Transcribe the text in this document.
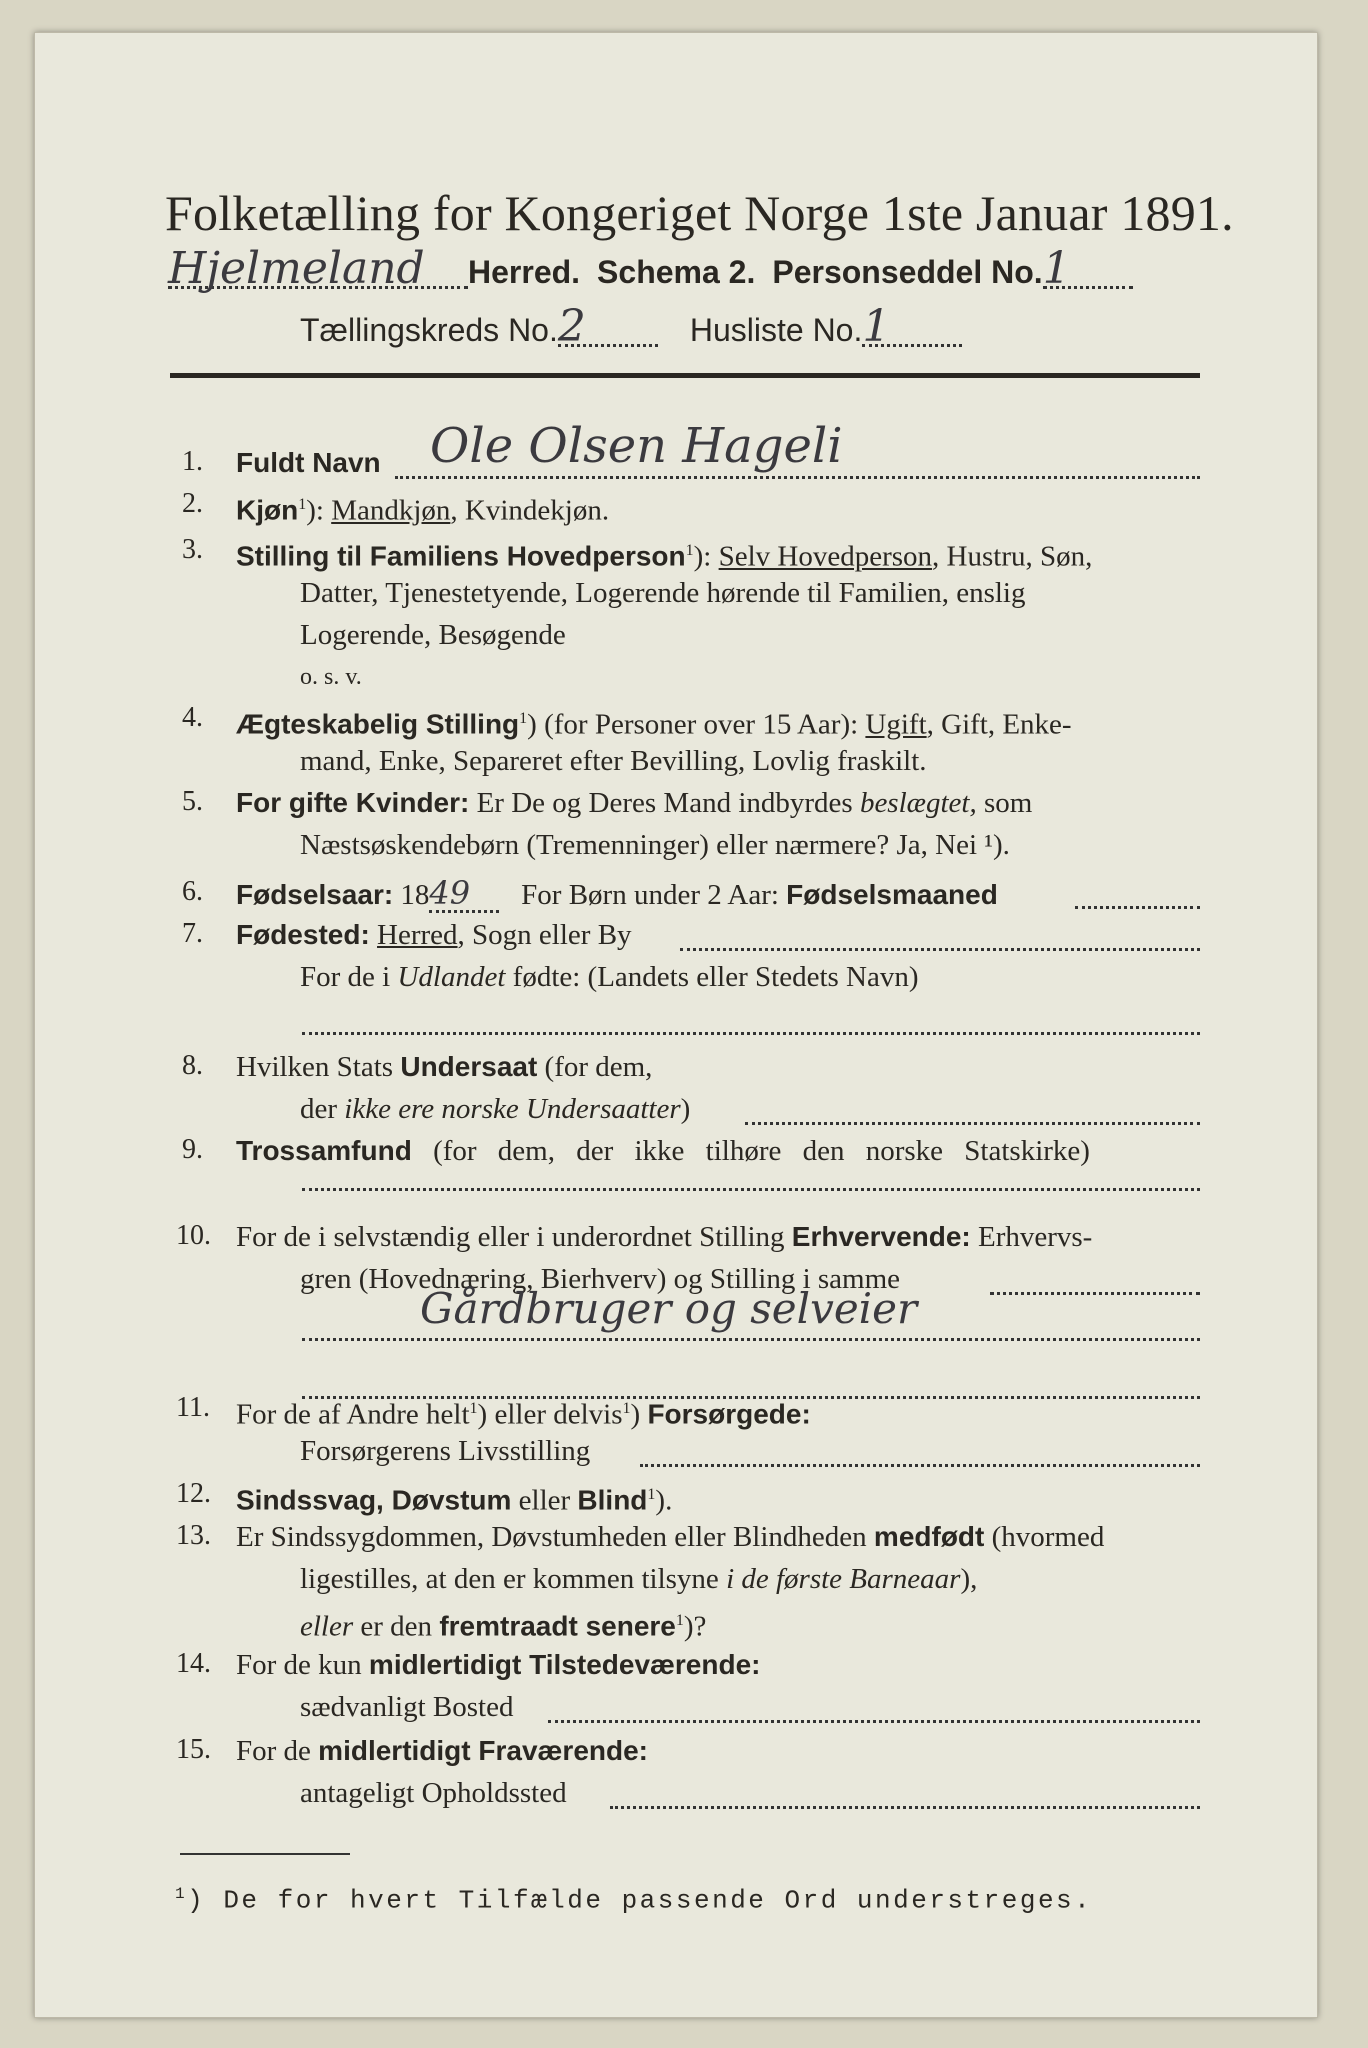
Folketælling for Kongeriget Norge 1ste Januar 1891.
Hjelmeland Herred. Schema 2. Personseddel No.1
Tællingskreds No.2	Husliste No.1
1. Fuldt Navn Ole Olsen Hageli
2. Kjøn$^1$): Mandkjøn, Kvindekjøn.
3. Stilling til Familiens Hovedperson$^1$): Selv Hovedperson, Hustru, Søn,
Datter, Tjenestetyende, Logerende hørende til Familien, enslig
Logerende, Besøgende
o. s. v.
4. Ægteskabelig Stilling$^1$) (for Personer over 15 Aar): Ugift, Gift, Enke-
mand, Enke, Separeret efter Bevilling, Lovlig fraskilt.
5. For gifte Kvinder: Er De og Deres Mand indbyrdes beslægtet, som
Næstsøskendebørn (Tremenninger) eller nærmere? Ja, Nei ¹).
6. Fødselsaar: 1849 For Børn under 2 Aar: Fødselsmaaned
7. Fødested: Herred, Sogn eller By
For de i Udlandet fødte: (Landets eller Stedets Navn)
8. Hvilken Stats Undersaat (for dem,
der ikke ere norske Undersaatter)
9. Trossamfund (for dem, der ikke tilhøre den norske Statskirke)
10. For de i selvstændig eller i underordnet Stilling Erhvervende: Erhvervs-
gren (Hovednæring, Bierhverv) og Stilling i samme
Gårdbruger og selveier
11. For de af Andre helt$^1$) eller delvis$^1$) Forsørgede:
Forsørgerens Livsstilling
12. Sindssvag, Døvstum eller Blind$^1$).
13. Er Sindssygdommen, Døvstumheden eller Blindheden medfødt (hvormed
ligestilles, at den er kommen tilsyne i de første Barneaar),
eller er den fremtraadt senere$^1$)?
14. For de kun midlertidigt Tilstedeværende:
sædvanligt Bosted
15. For de midlertidigt Fraværende:
antageligt Opholdssted
$^1$) De for hvert Tilfælde passende Ord understreges.
